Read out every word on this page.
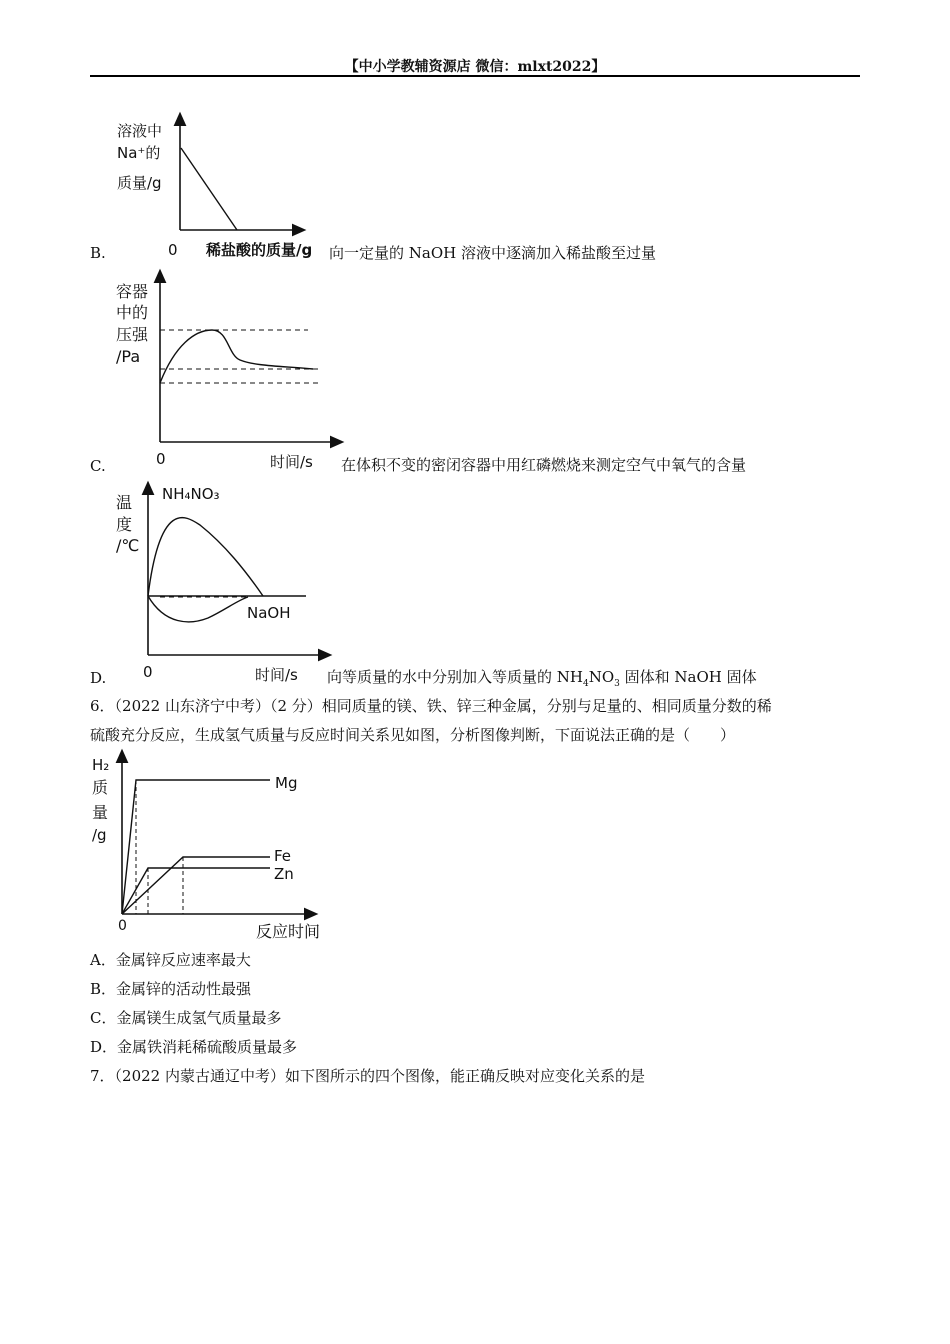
【中小学教辅资源店 微信：mlxt2022】
溶液中
Na⁺的
质量/g
0 稀盐酸的质量/g
容器
中的
压强
/Pa
0	时间/s
温
度
/℃
NH₄NO₃
NaOH
0	时间/s
H₂
质
量
/g
Mg
Fe
Zn
0	反应时间
B.	向一定量的 NaOH 溶液中逐滴加入稀盐酸至过量
C.	在体积不变的密闭容器中用红磷燃烧来测定空气中氧气的含量
D.	向等质量的水中分别加入等质量的 $NH_4NO_3$ 固体和 NaOH 固体
6．（2022 山东济宁中考）（2 分）相同质量的镁、铁、锌三种金属，分别与足量的、相同质量分数的稀
硫酸充分反应，生成氢气质量与反应时间关系见如图，分析图像判断，下面说法正确的是（　　）
A．金属锌反应速率最大
B．金属锌的活动性最强
C．金属镁生成氢气质量最多
D．金属铁消耗稀硫酸质量最多
7．（2022 内蒙古通辽中考）如下图所示的四个图像，能正确反映对应变化关系的是
